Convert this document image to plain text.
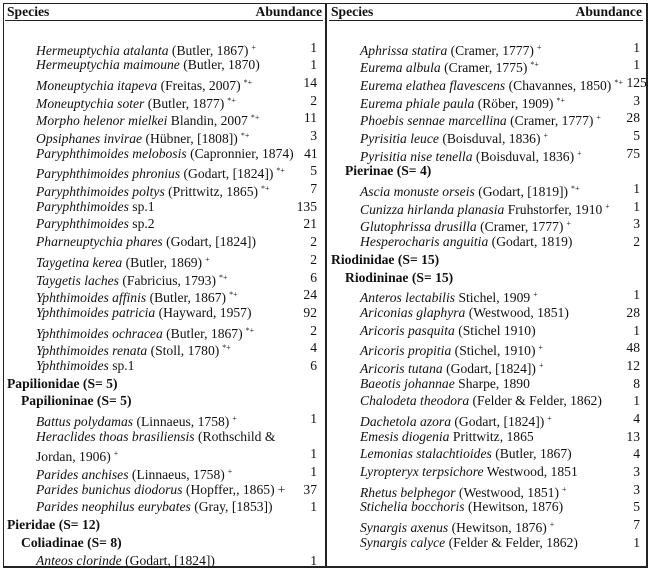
Species	Abundance
Hermeuptychia atalanta (Butler, 1867) +	1
Hermeuptychia maimoune (Butler, 1870)	1
Moneuptychia itapeva (Freitas, 2007) *+	14
Moneuptychia soter (Butler, 1877) *+	2
Morpho helenor mielkei Blandin, 2007 *+	11
Opsiphanes invirae (Hübner, [1808]) *+	3
Paryphthimoides melobosis (Capronnier, 1874) 41
Paryphthimoides phronius (Godart, [1824]) *+	5
Paryphthimoides poltys (Prittwitz, 1865) *+	7
Paryphthimoides sp.1	135
Paryphthimoides sp.2	21
Pharneuptychia phares (Godart, [1824])	2
Taygetina kerea (Butler, 1869) +	2
Taygetis laches (Fabricius, 1793) *+	6
Yphthimoides affinis (Butler, 1867) *+	24
Yphthimoides patricia (Hayward, 1957)	92
Yphthimoides ochracea (Butler, 1867) *+	2
Yphthimoides renata (Stoll, 1780) *+	4
Yphthimoides sp.1	6
Papilionidae (S= 5)
Papilioninae (S= 5)
Battus polydamas (Linnaeus, 1758) +	1
Heraclides thoas brasiliensis (Rothschild &
Jordan, 1906) +	1
Parides anchises (Linnaeus, 1758) +	1
Parides bunichus diodorus (Hopffer,, 1865) +	37
Parides neophilus eurybates (Gray, [1853])	1
Pieridae (S= 12)
Coliadinae (S= 8)
Anteos clorinde (Godart, [1824])	1
Species	Abundance
Aphrissa statira (Cramer, 1777) +	1
Eurema albula (Cramer, 1775) *+	1
Eurema elathea flavescens (Chavannes, 1850) *+ 125
Eurema phiale paula (Röber, 1909) *+	3
Phoebis sennae marcellina (Cramer, 1777) +	28
Pyrisitia leuce (Boisduval, 1836) +	5
Pyrisitia nise tenella (Boisduval, 1836) +	75
Pierinae (S= 4)
Ascia monuste orseis (Godart, [1819]) *+	1
Cunizza hirlanda planasia Fruhstorfer, 1910 +	1
Glutophrissa drusilla (Cramer, 1777) +	3
Hesperocharis anguitia (Godart, 1819)	2
Riodinidae (S= 15)
Riodininae (S= 15)
Anteros lectabilis Stichel, 1909 +	1
Ariconias glaphyra (Westwood, 1851)	28
Aricoris pasquita (Stichel 1910)	1
Aricoris propitia (Stichel, 1910) +	48
Aricoris tutana (Godart, [1824]) +	12
Baeotis johannae Sharpe, 1890	8
Chalodeta theodora (Felder & Felder, 1862)	1
Dachetola azora (Godart, [1824]) +	4
Emesis diogenia Prittwitz, 1865	13
Lemonias stalachtioides (Butler, 1867)	4
Lyropteryx terpsichore Westwood, 1851	3
Rhetus belphegor (Westwood, 1851) +	3
Stichelia bocchoris (Hewitson, 1876)	5
Synargis axenus (Hewitson, 1876) +	7
Synargis calyce (Felder & Felder, 1862)	1
